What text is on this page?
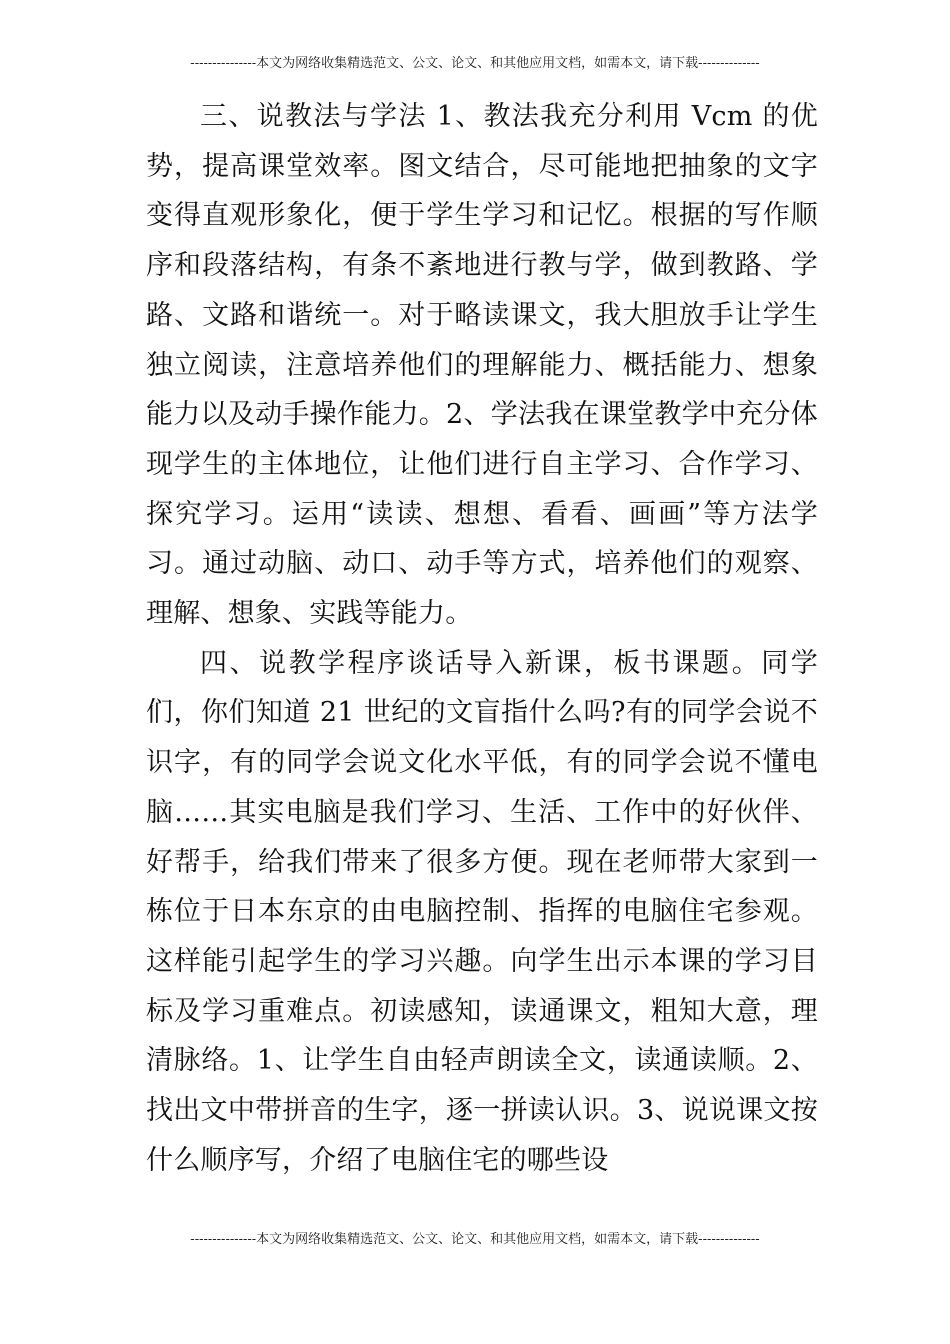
---------------本文为网络收集精选范文、公文、论文、和其他应用文档，如需本文，请下载--------------

三、说教法与学法 1、教法我充分利用 Vcm 的优势，提高课堂效率。图文结合，尽可能地把抽象的文字变得直观形象化，便于学生学习和记忆。根据的写作顺序和段落结构，有条不紊地进行教与学，做到教路、学路、文路和谐统一。对于略读课文，我大胆放手让学生独立阅读，注意培养他们的理解能力、概括能力、想象能力以及动手操作能力。2、学法我在课堂教学中充分体现学生的主体地位，让他们进行自主学习、合作学习、探究学习。运用“读读、想想、看看、画画”等方法学习。通过动脑、动口、动手等方式，培养他们的观察、理解、想象、实践等能力。

四、说教学程序谈话导入新课，板书课题。同学们，你们知道 21 世纪的文盲指什么吗?有的同学会说不识字，有的同学会说文化水平低，有的同学会说不懂电脑……其实电脑是我们学习、生活、工作中的好伙伴、好帮手，给我们带来了很多方便。现在老师带大家到一栋位于日本东京的由电脑控制、指挥的电脑住宅参观。这样能引起学生的学习兴趣。向学生出示本课的学习目标及学习重难点。初读感知，读通课文，粗知大意，理清脉络。1、让学生自由轻声朗读全文，读通读顺。2、找出文中带拼音的生字，逐一拼读认识。3、说说课文按什么顺序写，介绍了电脑住宅的哪些设

---------------本文为网络收集精选范文、公文、论文、和其他应用文档，如需本文，请下载--------------
